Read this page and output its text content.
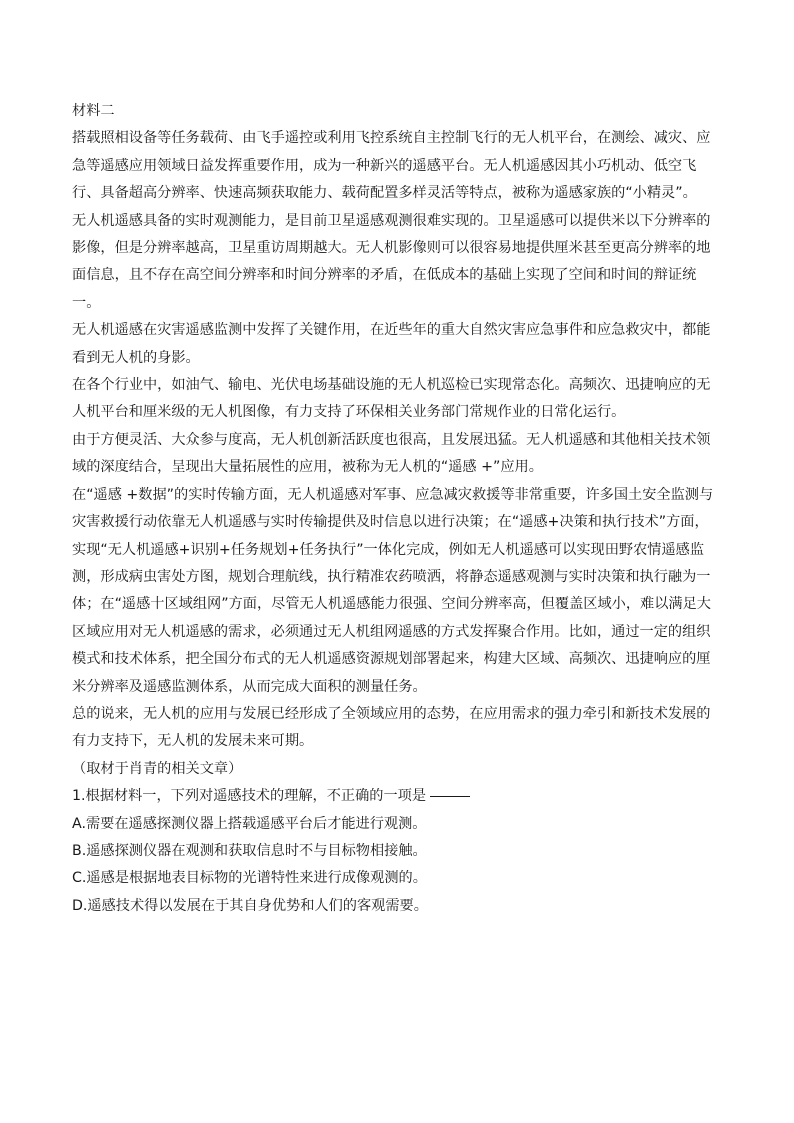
材料二

搭载照相设备等任务载荷、由飞手遥控或利用飞控系统自主控制飞行的无人机平台，在测绘、减灾、应急等遥感应用领域日益发挥重要作用，成为一种新兴的遥感平台。无人机遥感因其小巧机动、低空飞行、具备超高分辨率、快速高频获取能力、载荷配置多样灵活等特点，被称为遥感家族的“小精灵”。

无人机遥感具备的实时观测能力，是目前卫星遥感观测很难实现的。卫星遥感可以提供米以下分辨率的影像，但是分辨率越高，卫星重访周期越大。无人机影像则可以很容易地提供厘米甚至更高分辨率的地面信息，且不存在高空间分辨率和时间分辨率的矛盾，在低成本的基础上实现了空间和时间的辩证统一。

无人机遥感在灾害遥感监测中发挥了关键作用，在近些年的重大自然灾害应急事件和应急救灾中，都能看到无人机的身影。

在各个行业中，如油气、输电、光伏电场基础设施的无人机巡检已实现常态化。高频次、迅捷响应的无人机平台和厘米级的无人机图像，有力支持了环保相关业务部门常规作业的日常化运行。

由于方便灵活、大众参与度高，无人机创新活跃度也很高，且发展迅猛。无人机遥感和其他相关技术领域的深度结合，呈现出大量拓展性的应用，被称为无人机的“遥感 +”应用。

在“遥感 +数据”的实时传输方面，无人机遥感对军事、应急减灾救援等非常重要，许多国土安全监测与灾害救援行动依靠无人机遥感与实时传输提供及时信息以进行决策；在“遥感+决策和执行技术”方面，实现“无人机遥感+识别+任务规划+任务执行”一体化完成，例如无人机遥感可以实现田野农情遥感监测，形成病虫害处方图，规划合理航线，执行精准农药喷洒，将静态遥感观测与实时决策和执行融为一体；在“遥感十区域组网”方面，尽管无人机遥感能力很强、空间分辨率高，但覆盖区域小，难以满足大区域应用对无人机遥感的需求，必须通过无人机组网遥感的方式发挥聚合作用。比如，通过一定的组织模式和技术体系，把全国分布式的无人机遥感资源规划部署起来，构建大区域、高频次、迅捷响应的厘米分辨率及遥感监测体系，从而完成大面积的测量任务。

总的说来，无人机的应用与发展已经形成了全领域应用的态势，在应用需求的强力牵引和新技术发展的有力支持下，无人机的发展未来可期。

（取材于肖青的相关文章）

1.根据材料一，下列对遥感技术的理解，不正确的一项是

A.需要在遥感探测仪器上搭载遥感平台后才能进行观测。

B.遥感探测仪器在观测和获取信息时不与目标物相接触。

C.遥感是根据地表目标物的光谱特性来进行成像观测的。

D.遥感技术得以发展在于其自身优势和人们的客观需要。
